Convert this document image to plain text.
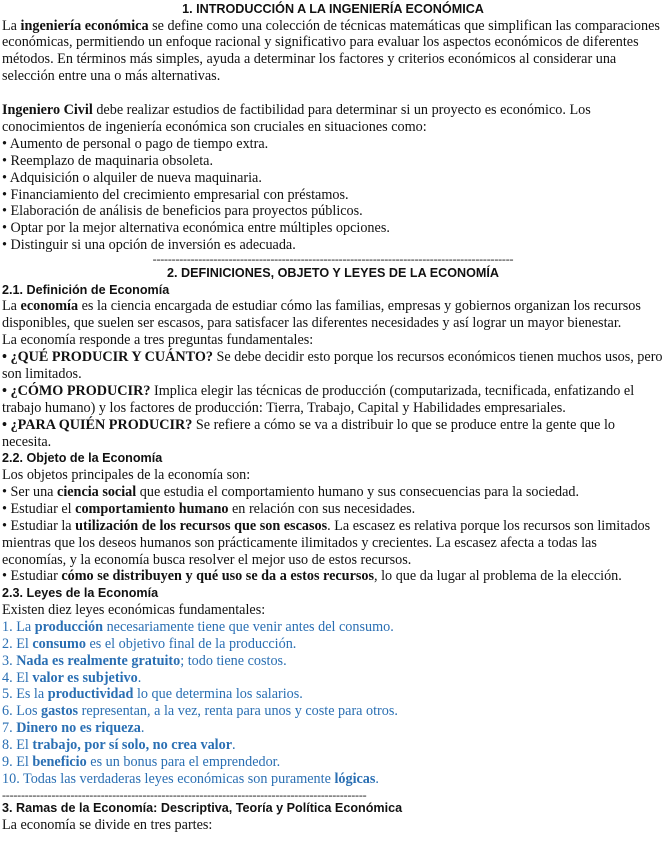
1. INTRODUCCIÓN A LA INGENIERÍA ECONÓMICA

La ingeniería económica se define como una colección de técnicas matemáticas que simplifican las comparaciones económicas, permitiendo un enfoque racional y significativo para evaluar los aspectos económicos de diferentes métodos. En términos más simples, ayuda a determinar los factores y criterios económicos al considerar una selección entre una o más alternativas.

Ingeniero Civil debe realizar estudios de factibilidad para determinar si un proyecto es económico. Los conocimientos de ingeniería económica son cruciales en situaciones como:

• Aumento de personal o pago de tiempo extra.

• Reemplazo de maquinaria obsoleta.

• Adquisición o alquiler de nueva maquinaria.

• Financiamiento del crecimiento empresarial con préstamos.

• Elaboración de análisis de beneficios para proyectos públicos.

• Optar por la mejor alternativa económica entre múltiples opciones.

• Distinguir si una opción de inversión es adecuada.

-----------------------------------------------------------------------------------------------
2. DEFINICIONES, OBJETO Y LEYES DE LA ECONOMÍA
2.1. Definición de Economía

La economía es la ciencia encargada de estudiar cómo las familias, empresas y gobiernos organizan los recursos disponibles, que suelen ser escasos, para satisfacer las diferentes necesidades y así lograr un mayor bienestar.

La economía responde a tres preguntas fundamentales:

• ¿QUÉ PRODUCIR Y CUÁNTO? Se debe decidir esto porque los recursos económicos tienen muchos usos, pero son limitados.

• ¿CÓMO PRODUCIR? Implica elegir las técnicas de producción (computarizada, tecnificada, enfatizando el trabajo humano) y los factores de producción: Tierra, Trabajo, Capital y Habilidades empresariales.

• ¿PARA QUIÉN PRODUCIR? Se refiere a cómo se va a distribuir lo que se produce entre la gente que lo necesita.

2.2. Objeto de la Economía

Los objetos principales de la economía son:

• Ser una ciencia social que estudia el comportamiento humano y sus consecuencias para la sociedad.

• Estudiar el comportamiento humano en relación con sus necesidades.

• Estudiar la utilización de los recursos que son escasos. La escasez es relativa porque los recursos son limitados mientras que los deseos humanos son prácticamente ilimitados y crecientes. La escasez afecta a todas las economías, y la economía busca resolver el mejor uso de estos recursos.

• Estudiar cómo se distribuyen y qué uso se da a estos recursos, lo que da lugar al problema de la elección.

2.3. Leyes de la Economía

Existen diez leyes económicas fundamentales:

1. La producción necesariamente tiene que venir antes del consumo.

2. El consumo es el objetivo final de la producción.

3. Nada es realmente gratuito; todo tiene costos.

4. El valor es subjetivo.

5. Es la productividad lo que determina los salarios.

6. Los gastos representan, a la vez, renta para unos y coste para otros.

7. Dinero no es riqueza.

8. El trabajo, por sí solo, no crea valor.

9. El beneficio es un bonus para el emprendedor.

10. Todas las verdaderas leyes económicas son puramente lógicas.

------------------------------------------------------------------------------------------------
3. Ramas de la Economía: Descriptiva, Teoría y Política Económica

La economía se divide en tres partes:
